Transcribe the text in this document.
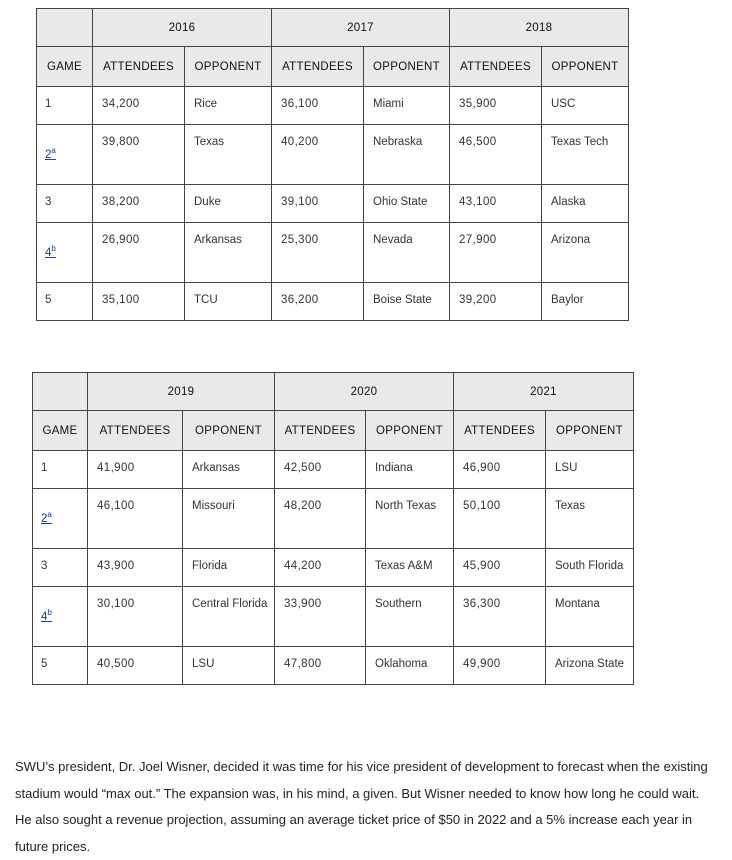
	2016		2017		2018	
GAME	ATTENDEES	OPPONENT	ATTENDEES	OPPONENT	ATTENDEES	OPPONENT
1	34,200	Rice	36,100	Miami	35,900	USC

2$^a$	39,800	Texas	40,200	Nebraska	46,500	Texas Tech
3	38,200	Duke	39,100	Ohio State	43,100	Alaska

4$^b$	26,900	Arkansas	25,300	Nevada	27,900	Arizona
5	35,100	TCU	36,200	Boise State	39,200	Baylor
	2019		2020		2021	
GAME	ATTENDEES	OPPONENT	ATTENDEES	OPPONENT	ATTENDEES	OPPONENT
1	41,900	Arkansas	42,500	Indiana	46,900	LSU

2$^a$	46,100	Missouri	48,200	North Texas	50,100	Texas
3	43,900	Florida	44,200	Texas A&M	45,900	South Florida

4$^b$	30,100	Central Florida	33,900	Southern	36,300	Montana
5	40,500	LSU	47,800	Oklahoma	49,900	Arizona State

SWU’s president, Dr. Joel Wisner, decided it was time for his vice president of development to forecast when the existing stadium would “max out.” The expansion was, in his mind, a given. But Wisner needed to know how long he could wait. He also sought a revenue projection, assuming an average ticket price of $50 in 2022 and a 5% increase each year in future prices.
